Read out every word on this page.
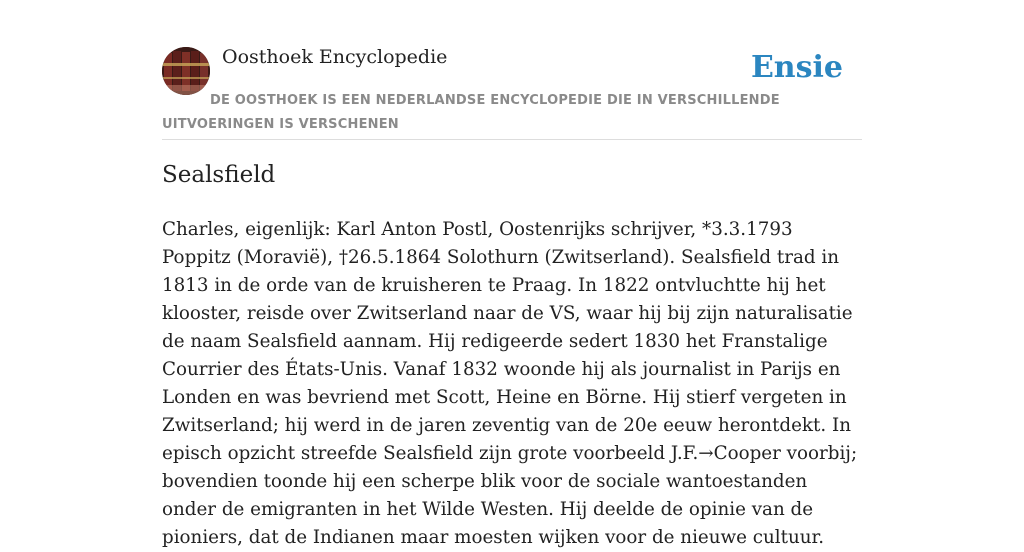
Oosthoek Encyclopedie	Ensie
DE OOSTHOEK IS EEN NEDERLANDSE ENCYCLOPEDIE DIE IN VERSCHILLENDE UITVOERINGEN IS VERSCHENEN
Sealsfield

Charles, eigenlijk: Karl Anton Postl, Oostenrijks schrijver, *3.3.1793 Poppitz (Moravië), †26.5.1864 Solothurn (Zwitserland). Sealsfield trad in 1813 in de orde van de kruisheren te Praag. In 1822 ontvluchtte hij het klooster, reisde over Zwitserland naar de VS, waar hij bij zijn naturalisatie de naam Sealsfield aannam. Hij redigeerde sedert 1830 het Franstalige Courrier des États-Unis. Vanaf 1832 woonde hij als journalist in Parijs en Londen en was bevriend met Scott, Heine en Börne. Hij stierf vergeten in Zwitserland; hij werd in de jaren zeventig van de 20e eeuw herontdekt. In episch opzicht streefde Sealsfield zijn grote voorbeeld J.F.→Cooper voorbij; bovendien toonde hij een scherpe blik voor de sociale wantoestanden onder de emigranten in het Wilde Westen. Hij deelde de opinie van de pioniers, dat de Indianen maar moesten wijken voor de nieuwe cultuur.
